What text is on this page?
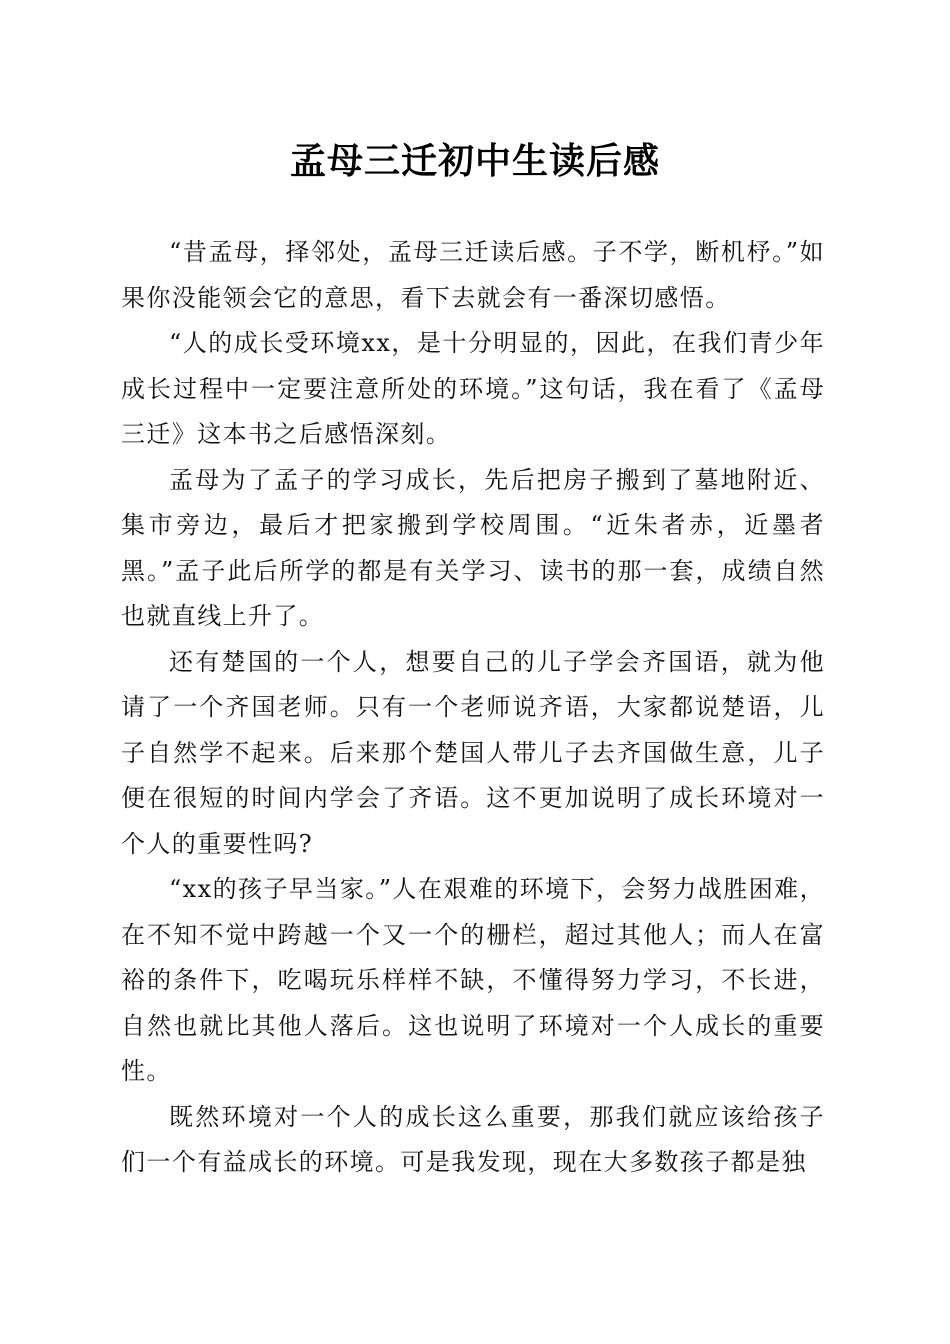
孟母三迁初中生读后感

“昔孟母，择邻处，孟母三迁读后感。子不学，断机杼。”如果你没能领会它的意思，看下去就会有一番深切感悟。

“人的成长受环境xx，是十分明显的，因此，在我们青少年成长过程中一定要注意所处的环境。”这句话，我在看了《孟母三迁》这本书之后感悟深刻。

孟母为了孟子的学习成长，先后把房子搬到了墓地附近、集市旁边，最后才把家搬到学校周围。“近朱者赤，近墨者黑。”孟子此后所学的都是有关学习、读书的那一套，成绩自然也就直线上升了。

还有楚国的一个人，想要自己的儿子学会齐国语，就为他请了一个齐国老师。只有一个老师说齐语，大家都说楚语，儿子自然学不起来。后来那个楚国人带儿子去齐国做生意，儿子便在很短的时间内学会了齐语。这不更加说明了成长环境对一个人的重要性吗?

“xx的孩子早当家。”人在艰难的环境下，会努力战胜困难，在不知不觉中跨越一个又一个的栅栏，超过其他人；而人在富裕的条件下，吃喝玩乐样样不缺，不懂得努力学习，不长进，自然也就比其他人落后。这也说明了环境对一个人成长的重要性。

既然环境对一个人的成长这么重要，那我们就应该给孩子们一个有益成长的环境。可是我发现，现在大多数孩子都是独
